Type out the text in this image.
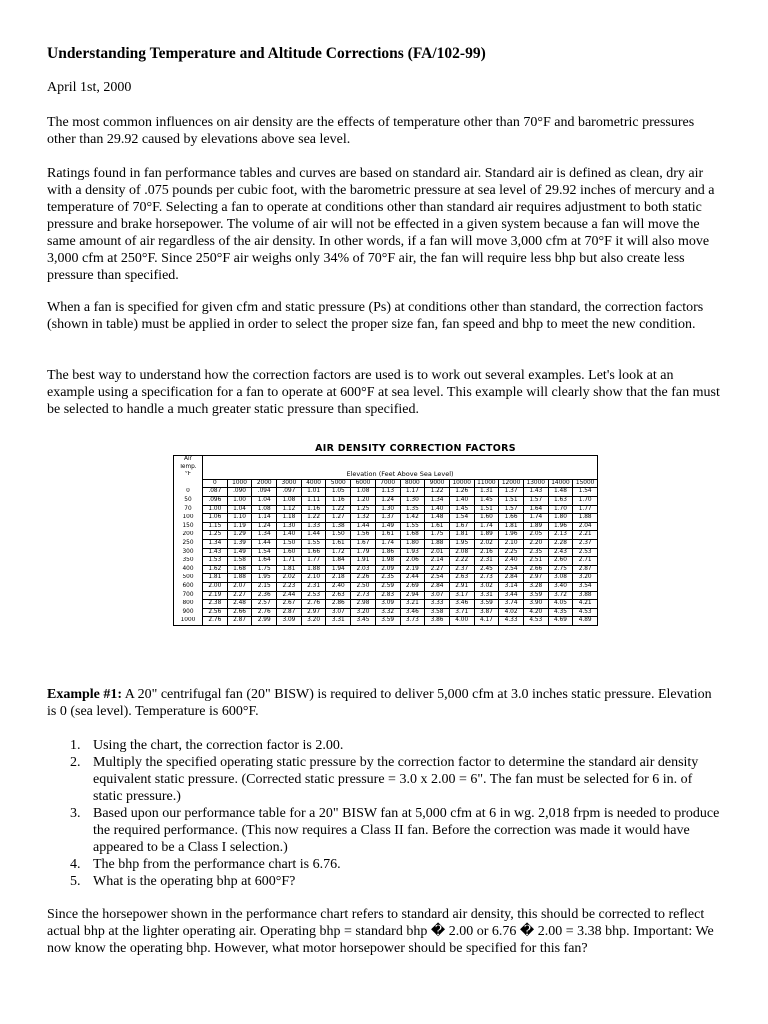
Understanding Temperature and Altitude Corrections (FA/102-99)
April 1st, 2000

The most common influences on air density are the effects of temperature other than 70°F and barometric pressures other than 29.92 caused by elevations above sea level.

Ratings found in fan performance tables and curves are based on standard air. Standard air is defined as clean, dry air with a density of .075 pounds per cubic foot, with the barometric pressure at sea level of 29.92 inches of mercury and a temperature of 70°F. Selecting a fan to operate at conditions other than standard air requires adjustment to both static pressure and brake horsepower. The volume of air will not be effected in a given system because a fan will move the same amount of air regardless of the air density. In other words, if a fan will move 3,000 cfm at 70°F it will also move 3,000 cfm at 250°F. Since 250°F air weighs only 34% of 70°F air, the fan will require less bhp but also create less pressure than specified.

When a fan is specified for given cfm and static pressure (Ps) at conditions other than standard, the correction factors (shown in table) must be applied in order to select the proper size fan, fan speed and bhp to meet the new condition.

The best way to understand how the correction factors are used is to work out several examples. Let's look at an example using a specification for a fan to operate at 600°F at sea level. This example will clearly show that the fan must be selected to handle a much greater static pressure than specified.

AIR DENSITY CORRECTION FACTORS
Air																
Temp.																
°F	Elevation (Feet Above Sea Level)															
	0	1000	2000	3000	4000	5000	6000	7000	8000	9000	10000	11000	12000	13000	14000	15000
0	.087	.090	.094	.097	1.01	1.05	1.08	1.13	1.17	1.22	1.26	1.31	1.37	1.43	1.48	1.54
50	.096	1.00	1.04	1.08	1.11	1.16	1.20	1.24	1.30	1.34	1.40	1.45	1.51	1.57	1.63	1.70
70	1.00	1.04	1.08	1.12	1.16	1.22	1.25	1.30	1.35	1.40	1.45	1.51	1.57	1.64	1.70	1.77
100	1.06	1.10	1.14	1.18	1.22	1.27	1.32	1.37	1.42	1.48	1.54	1.60	1.66	1.74	1.80	1.88
150	1.15	1.19	1.24	1.30	1.33	1.38	1.44	1.49	1.55	1.61	1.67	1.74	1.81	1.89	1.96	2.04
200	1.25	1.29	1.34	1.40	1.44	1.50	1.56	1.61	1.68	1.75	1.81	1.89	1.96	2.05	2.13	2.21
250	1.34	1.39	1.44	1.50	1.55	1.61	1.67	1.74	1.80	1.88	1.95	2.02	2.10	2.20	2.28	2.37
300	1.43	1.49	1.54	1.60	1.66	1.72	1.79	1.86	1.93	2.01	2.08	2.16	2.25	2.35	2.43	2.53
350	1.53	1.58	1.64	1.71	1.77	1.84	1.91	1.98	2.06	2.14	2.22	2.31	2.40	2.51	2.60	2.71
400	1.62	1.68	1.75	1.81	1.88	1.94	2.03	2.09	2.19	2.27	2.37	2.45	2.54	2.66	2.75	2.87
500	1.81	1.88	1.95	2.02	2.10	2.18	2.26	2.35	2.44	2.54	2.63	2.73	2.84	2.97	3.08	3.20
600	2.00	2.07	2.15	2.23	2.31	2.40	2.50	2.59	2.69	2.84	2.91	3.02	3.14	3.28	3.40	3.54
700	2.19	2.27	2.36	2.44	2.53	2.63	2.73	2.83	2.94	3.07	3.17	3.31	3.44	3.59	3.72	3.88
800	2.38	2.48	2.57	2.67	2.76	2.86	2.98	3.09	3.21	3.33	3.46	3.59	3.74	3.90	4.05	4.21
900	2.56	2.66	2.76	2.87	2.97	3.07	3.20	3.32	3.46	3.58	3.71	3.87	4.02	4.20	4.35	4.53
1000	2.76	2.87	2.99	3.09	3.20	3.31	3.45	3.59	3.73	3.86	4.00	4.17	4.33	4.53	4.69	4.89

Example #1: A 20" centrifugal fan (20" BISW) is required to deliver 5,000 cfm at 3.0 inches static pressure. Elevation is 0 (sea level). Temperature is 600°F.

1. Using the chart, the correction factor is 2.00.
2. Multiply the specified operating static pressure by the correction factor to determine the standard air density equivalent static pressure. (Corrected static pressure = 3.0 x 2.00 = 6". The fan must be selected for 6 in. of static pressure.)
3. Based upon our performance table for a 20" BISW fan at 5,000 cfm at 6 in wg. 2,018 frpm is needed to produce the required performance. (This now requires a Class II fan. Before the correction was made it would have appeared to be a Class I selection.)
4. The bhp from the performance chart is 6.76.
5. What is the operating bhp at 600°F?

Since the horsepower shown in the performance chart refers to standard air density, this should be corrected to reflect actual bhp at the lighter operating air. Operating bhp = standard bhp � 2.00 or 6.76 � 2.00 = 3.38 bhp. Important: We now know the operating bhp. However, what motor horsepower should be specified for this fan?
